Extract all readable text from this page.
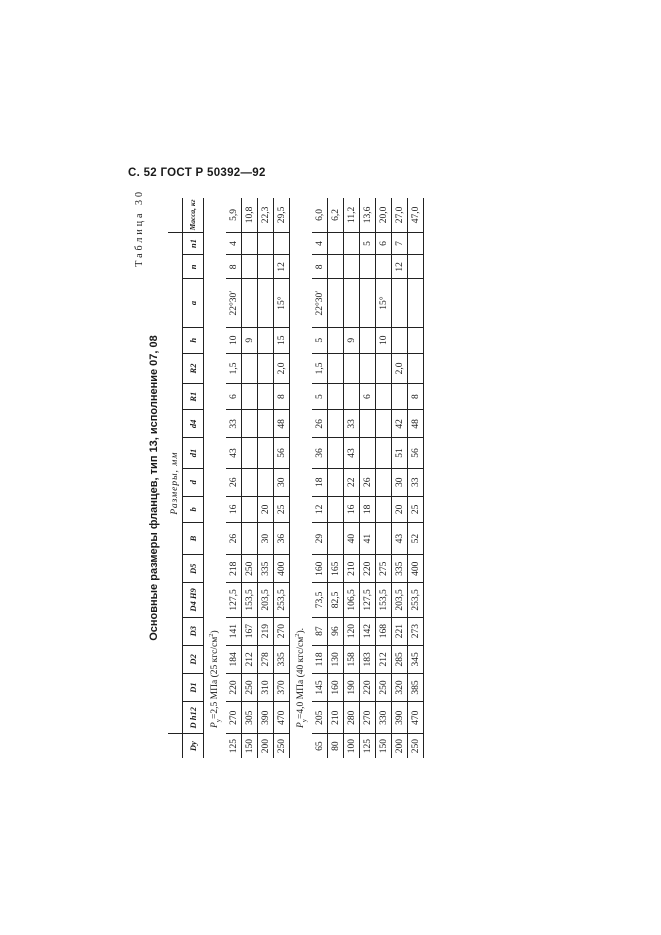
С. 52 ГОСТ Р 50392—92
Таблица 30
Основные размеры фланцев, тип 13, исполнение 07, 08
	Размеры, мм																	
Dу	D h12	D1	D2	D3	D4 H9	D5	B	b	d	d1	d4	R1	R2	h	a	n	n1	Масса, кг
$P_у=2,5$ МПа (25 кгс/$см^2$)																		
125	270	220	184	141	127,5	218	26	16	26	43	33	6	1,5	10	22°30′	8	4	5,9
150	305	250	212	167	153,5	250								9				10,8
200	390	310	278	219	203,5	335	30	20										22,3
250	470	370	335	270	253,5	400	36	25	30	56	48	8	2,0	15	15°	12		29,5
$P_у=4,0$ МПа (40 кгс/$см^2$).																		
65	205	145	118	87	73,5	160	29	12	18	36	26	5	1,5	5	22°30′	8	4	6,0
80	210	160	130	96	82,5	165												6,2
100	280	190	158	120	106,5	210	40	16	22	43	33			9				11,2
125	270	220	183	142	127,5	220	41	18	26			6					5	13,6
150	330	250	212	168	153,5	275								10	15°		6	20,0
200	390	320	285	221	203,5	335	43	20	30	51	42		2,0			12	7	27,0
250	470	385	345	273	253,5	400	52	25	33	56	48	8						47,0
